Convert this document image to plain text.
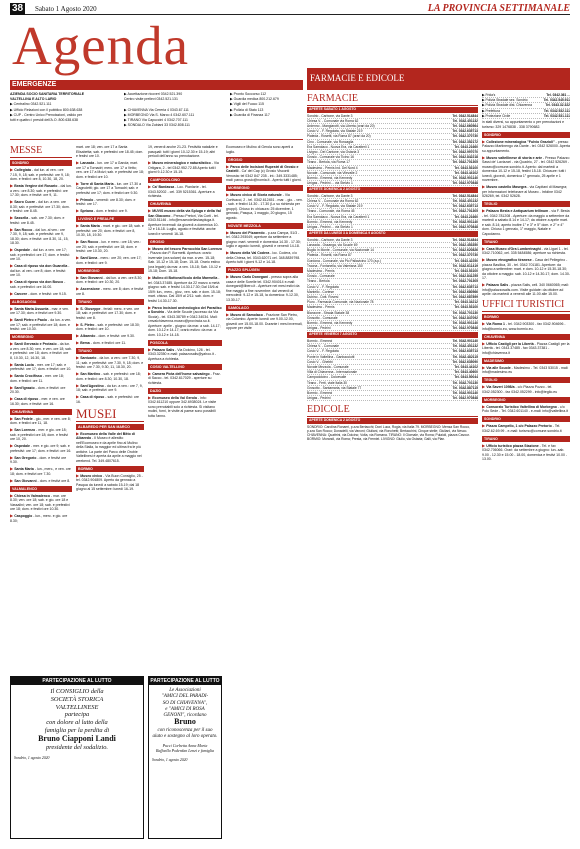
38 Sabato 1 Agosto 2020	LA PROVINCIA SETTIMANALE
Agenda
EMERGENZE
FARMACIE E EDICOLE
AZIENDA SOCIO SANITARIA TERRITORIALE
VALTELLINA E ALTO LARIO
▶ Centralino 0342.521.111
▶ Ufficio Relazioni con il pubblico 800.638.638
▶ CUP - Centro Unico Prenotazioni, valido per
tutti e quattro i presidi dell'A.O. 800.638.638
▶ Accettazione ricoveri 0342.521.390
Centro visite prelievi 0342.521.131

▶ CHIAVENNA Via Cereria 4 0343.67.111
▶ MORBEGNO Via S. Marco 4 0342.607.111
▶ TIRANO Via Capuccini 4 0342.707.111
▶ SONDALO Via Zubiani 33 0342.808.111
▶ Pronto Soccorso 112
▶ Guardia medica 800.212.679
▶ Vigili del Fuoco 115
▶ Polizia di Stato 113
▶ Guardia di Finanza 117
MESSE
SONDRIO
▶ Collegiata - dal lun. al ven.: ore 7.15, 9, 18; sab. e prefestivi: ore 9, 18; dom. e festivi: ore 8, 10.30, 18, 20.
▶ Beata Vergine del Rosario - dal lun. a ven.: ore 8.30; sab. e prefestivi: ore 17.30; dom. e festivi: ore 9, 11.
▶ Sacro Cuore - dal lun. a ven. ore 8.30; sab. e prefestivi: ore 17.30; dom. e festivi: ore 8.45.
▶ Sassella - sab. ore 7.30; dom. e festivi: ore 8.45.
▶ San Rocco - dal lun. al ven.: ore 7.30, 9, 18; sab. e prefestivi: ore 9, 18.30; dom. e festivi: ore 8.30, 11, 15, 18.30.
▶ Ospedale - dal lun. a ven. ore 17; sab. e prefestivi: ore 17; dom. e festivi: ore 10.
▶ Casa di riposo via don Guanella - dal lun. al ven.: ore 8; dom. e festivi: ore 10.
▶ Casa di riposo via don Bosco - sab. e prefestivi: ore 16.00.
▶ Carcere - dom. e festivi: ore 9.15.
ALBOSAGGIA
▶ Santa Maria Assunta - mar. e ven. ore 17.30; dom. e festivi ore 9.30.
▶ Santi Pietro e Paolo - da lun. a ven. ore 17; sab. e prefestivi ore 18; dom. e festivi: ore 10.30.
MORBEGNO
▶ Santi Gervasio e Protasio - da lun. a ven. ore 8.30; ven. e ven. ore 18; sab. e prefestivi: ore 18; dom. e festivi: ore 8, 10.30, 12, 16.30, 18.
▶ Santa Lucia - mer. ore 17; sab. e prefestivi: ore 17; dom. e festivi: ore 10.
▶ Santo Crocifisso - mer. ore 18; dom. e festivi: ore 11.
▶ Sant'Ignazio - dom. e festivi: ore 20.30.
▶ Casa di riposo - mer. e ven. ore 16.30; dom. e festivi: ore 16.
CHIAVENNA
▶ San Fedele - gio., mer. e ven. ore 8; dom. e festivi ore 11, 18.
▶ San Lorenzo - mer. e gio. ore 18; sab. e prefestivi ore 18; dom. e festivi ore 10, 20.
▶ Ospedale - mer. e gio. ore 9; sab. e prefestivi: ore 17; dom. e festivi: ore 16.
▶ San Gregorio - dom. e festivi ore 9.30.
▶ Santa Maria - lun., merc., e ven. ore 18; dom. e festivi ore 7.30.
▶ San Giovanni - dom. e festivi ore 8.
VALMALENCO
▶ Chiesa in Valmalenco - mar. ore 8.30; ven. ore 18; sab. e gio. ore 18 e Vassalini; ven. ore 18; sab. e prefestivi ore 18; dom. e festivi ore 10.30.
▶ Caspoggio - lun., merc. e gio. ore 8.30;
mart. ore 18; ven. ore 17 a Santa Elisabetta; sab. e prefestivi ore 18.45; dom. e festivi ore 10.
▶ Lanzada - lun. ore 17 a Ganda; mart. ore 17 a Tornadri; merc. ore 17 a Vetto; ven. ore 17 a Moizi; sab. e prefestivi ore 18; dom. e festivi ore 10.
▶ Torre di Santa Maria - lun. ore 17.30 a Cagnoletti; gio. ore 17 a Tornadri; sab. e prefestivi ore 17; dom. e festivi ore 9.30.
▶ Primolo - venerdì: ore 8.30; dom. e festivi: ore 17.
▶ Spriana - dom. e festivi: ore 9.
LIVIGNO E PREALPE
▶ Santa Maria - mart. e gio.: ore 18; sab. e prefestivi: ore 20; dom. e festivi: ore 8, 10.30, 18, 19.30.
▶ San Rocco - lun. e merc.: ore 18; ven.: ore 20; sab. e prefestivi: ore 18; dom. e festivi: ore 10.30, 20.
▶ Sant'Anna - merc.: ore 20; ven. ore 17; dom. e festivi: ore 9.
MORBEGNO
▶ San Giovanni - dal lun. a ven. ore 8.30; dom. e festivi: ore 10.30, 20.
▶ Ascensione - merc. ore 8; dom. e festivi ore 8.
TIRANO
▶ S. Giuseppe - feriali: merc. e ven. ore 18; sab. e prefestivi: ore 17.30; dom. e festivi: ore 8.
▶ S. Pietro - sab. e prefestivi: ore 18.30; dom. e festivi: ore 10.
▶ Albaredo - dom. e festivi: ore 9.30.
▶ Bema - dom. e festivi: ore 11.
TIRANO
▶ Santuario - da lun. a ven.: ore 7.30, 9, 11; sab. e prefestivi: ore 7.30, 9, 18; dom. e festivi: ore 7.30, 9.30, 11, 18.30, 20.
▶ San Martino - sab. e prefestivi: ore 18; dom. e festivi: ore 8.30, 10.30, 18.
▶ Sant'Agostino - da lun. a ven.: ore 7, 9, 18; sab. e prefestivi: ore 9.
▶ Casa di riposo - sab. e prefestivi: ore 16.
MUSEI
ALBAREDO PER SAN MARCO
▶ Ecomuseo della Valle del Bitto di Albaredo - Il Museo è allestito nell'Ecomuseo e da aprile fino al Mulino della Stalla, la maggior ed ultima fra le più antiche. La parte del Parco delle Orobie Valtellinesi è aperta da aprile a maggio nei weekend. Tel. 349.4807615.
BORMIO
▶ Museo civico - Via Buon Consiglio, 25 - tel. 0342.904809. Aperto da gennaio a Pasqua da lunedì a sabato 15-19; dal 18 giugno al 15 settembre: lunedì 16-19.
19, venerdì anche 21-23. Festività natalizie e pasquali: tutti i giorni 10-12.30 e 15-19; altri periodi dell'anno su prenotazione.
▶ Museo mineralogico e naturalistico - Via Ortigara, 2 - tel 0342.952.72.85 Aperto tutti i giorni 9-12.30 e 15-19.
CAMPODOLCINO
▶ Ca' Bardassa - Loc. Pianlarìe - tel. 0343.52002 - cel. 339 5215361. Aperture a richiesta.
CHIAVENNA
▶ MUVIS museo della via Spluga e della Val San Giacomo - Presso Pretori, Via Corti - tel. 0343.51146 - info@museodellaviaspluga.it. Aperture invernali: da giovedì a domenica 10-12 e 16-18. Luglio, agosto e festività: anche lunedì e venerdì 16-18.
GROSIO
▶ Museo del tesoro Parrocchia San Lorenzo - Piazza don P. Bormetti. Apertura: orario invernale (ora solare) da mar. a ven. 15-18; Sab. 10-12 e 15-18; Dom. 15-18. Orario estivo (ora legale) da mar. a ven. 15-18; Sab. 10-12 e 15-18; Dom. 15-18.
▶ Mulino di BottonaVicolo della Marmella - tel. 0343.37485. Aperture da 22 marzo a metà giugno: sab. e festivi 14.30-17.30; Dal 15/6 al 15/9: lun., merc., giov., ven. sab. e dom. 15-18; mart. chiuso. Dal 15/9 al 2/11: sab. dom. e festivi 14.30-17.30.
▶ Parco Incisioni archeologico del Paradiso a Sondrio - Via delle Scuole (accesso da Via Siccia) - tel. 0343.38789 e 0342.34034. Mail: cmvalchiavenna.museo@provincia.so.it. Aperture: aprile - giugno: da mar. a sab. 14-17; dom. 10-12 e 14-17; orario estivo: da mar. a dom. 10-12 e 14-18.
POSCOLA
▶ Palazzo Salis - Via Dolcino, 126 - tel. 0343.32350 e-mail: palazzosalis@yahoo.it - Apertura a richiesta.
COSIO VALTELLINO
▶ Camera Picta dell'home salvadego - Fraz. di Sacco - tel. 0342.617029 - aperture su richiesta.
DAZIO
▶ Ecomuseo della Val Gerola - info: 0342.611210 oppure 342.6938024. Le visite sono prenotabili solo a richiesta. Si visitano mulini, forni, le visite al paese sono possibili tutta l'anno.
Ecomuseo e Mulino di Gerola sono aperti a luglio.
GROSIO
▶ Parco delle Incisioni Rupestri di Grosio e Castelli - Ca' del Cap (c) Grosio Visconti Venosta: tel 0342 847 235 - int.: 349.3331485; mail: parco.grosio@nomia.it - Aperto tutti i giorni.
MORBEGNO
▶ Museo civico di Storia naturale - Via Cortivacci, 2 - tel. 0342.612451 - mar. - gio. - ven. - sab. e festivi 14.30 - 17.30 (Lo su richiesta per gruppi). Chiuso in: chiusura: 25 dicembre, 1 gennaio, Pasqua, 1 maggio, 20 giugno, 15 agosto.
NOVATE MEZZOLA
▶ Museo del Pizzaredo - p.zza Campa, 51/3 - tel. 0342.293049; aperture da settembre a giugno: mart. venerdì e domenica 14.30 - 17.30; luglio e agosto: lunedì, giovedì e venerdì 14-18.
▶ Museo della Val Codera - loc. Codera, c/o della Chiesa, tel. 0343.62071 cel. 348.8839798. Aperto tutti i giorni 9-12 e 14-18.
PIAZZO SPLÜGEN
▶ Museo Carlo Donegani - presso sopra alla casa e delle Sorelle tel. 0342.904014 e-mail: donegani@libero.it - Aperture nei mesi estivi da fine maggio a fine novembre: dal venerdì al mercoledì: 9-12 e 15-18, la domenica: 9-12.30, 13.30-17.
SAMOLACO
▶ Museo di Samolaco - Frazione San Pietro, via Colombo. Aperte: lunedì ore 9.00-12.00, giovedì ore 15.00-18.00. Durante i mesi invernali, oppure per visite
FARMACIE
APERTE SABATO 1 AGOSTO
Sondrio - Carbone, via Dante 3	Tel. 0342.514844
Chiesa V. - Comunale via Roma 62	Tel. 0342.451132
Ardenno - Mangiarotti, via Liberta (orari da 20)	Tel. 0342.660564
Cosio V. - F. Regolata, via Statale 219	Tel. 0342.635713
Piateda - Rosetti, via Roma 87 (orari da 20)	Tel. 0342.370730
Cino - Comunale, via Roncaglia	Tel. 0342.352172
Era Samolaco - Nuova Era, via Caratterii 1	Tel. 0343.21660
Livigno - Del Cantone, via Ostaria 3	Tel. 0342.997070
Grosio - Comunale via Ticino 16	Tel. 0342.842218
Tirano - Bertola, via Roma 17	Tel. 0342.701305
Madesimo - Pernis Ind. Del Nord 4	Tel. 0343.53100
Novate - Comunale, via Vilevalle 2	Tel. 0343.44102
Bormio - Emmeci, via Kennedy	Tel. 0342.901140
Unigas - Pedrini ... via Stelvio 1	Tel. 0342.970848
APERTE DOMENICA 2 AGOSTO
Sondrio - Carbone, via Dante 3	Tel. 0342.514844
Chiesa V. - Comunale via Roma 62	Tel. 0342.451132
Cosio V. - F. Regolata, via Statale 219	Tel. 0342.635713
Tirano - Comunale, via Roma 45	Tel. 0342.701305
Era Samolaco - Nuova Era, via Caratterii 1	Tel. 0343.21660
Bormio - Emmeci, via Kennedy	Tel. 0342.901140
Unigas - Pedrini ... via Stelvio 1	Tel. 0342.970848
APERTE DA LUNEDÌ 3 A DOMENICA 9 AGOSTO
Sondrio - Carbone, via Dante 3	Tel. 0342.514844
Lanzada - Ossanga, via Scuole 69	Tel. 0342.453350
Buglio in Monte - Comunale, via Nazionale 14	Tel. 0342.620826
Piateda - Rosetti, via Roma 87	Tel. 0342.370730
Gordona - Comunale, via Pio Pallavicino 170 (a.p.)	Tel. 0343.42250
Traona - Fontanella, via Valeriana 150	Tel. 0342.611419
Madesimo - Pernis	Tel. 0343.53100
Grosio - Comunale	Tel. 0342.841255
Tirano - Bertola	Tel. 0342.701305
Cosio V. - F. Regolata	Tel. 0342.635713
Mantello - Cortese	Tel. 0342.680566
Dubino - Dott. Rovesi	Tel. 0342.687899
Piuro - Farmacia Comunale, via Nazionale 78	Tel. 0343.34212
Madesimo - Pernis	Tel. 0343.53100
Bianzone - Strada Statale 38	Tel. 0342.701130
Grosotto - Comunale	Tel. 0342.847092
Bormio - Emmeci, via Kennedy	Tel. 0342.901140
Unigas - Pedrini	Tel. 0342.970848
APERTE VENERDÌ 7 AGOSTO
Bormio - Emmeci	Tel. 0342.901140
Chiesa V. - Comunale	Tel. 0342.451132
Cosio V. - F. Regolata	Tel. 0342.635713
Ponte in Valtellina - Ganbacciutti	Tel. 0342.482115
Cosio V. - Ghebbi	Tel. 0342.635090
Novate Mezzola - Comunale	Tel. 0343.44102
Villa di Chiavenna - Internazionale	Tel. 0343.40600
Campodolcino - Dolcevalle	Tel. 0343.50044
Tirano - Fertì, viale Italia 30	Tel. 0342.701130
Grosotto - Santamaria, via Statale 77	Tel. 0342.887115
Bormio - Emmeci	Tel. 0342.901140
Unigas - Pedrini	Tel. 0342.970848
EDICOLE
APERTE DOMENICA 2 AGOSTO
SONDRIO: Carolina Ronaeri, p.zza Bertacchi; Doni Luca, Rogia, via Italia 79. MORBEGNO: Mensa San Rocco, p.zza San Rocco; Donadelli, via Vanoni; Giuliani, via Ronchetti; Bertacchini, Cinque stelle; Giuliani, via Nesco. CHIAVENNA: Quattrini, via Dolcino; Volta, via Romana. TIRANO: Il Giornale, via Roma; Pulaioli, piazza Cavour. BORMIO: Morandi, via Roma; Presta, via Fremiel. LIVIGNO: Giulio, via Ostaria; Galli, via Plan.
▶ Frida's	Tel. 0342.361 ...
▶ Polizia Stradale sez. Sondrio	Tel. 0342.545.911
▶ Polizia Stradale dist. Chiavenna	Tel. 0343.32.322
▶ Prefettura	Tel. 0342.532.111
▶ Protezione Civile	Tel. 0342.531.111
in stati diversi, su appuntamento o per prenotazioni e turismo: 329 1476838 - 338 3790682.
SONDRIO
▶ Collezione mineralogica "Fulvio Grazioli" - presso Palazzo Martinengo via Dante - tel. 0342 526000. Aperta su appuntamento.
▶ Museo valtellinese di storia e arte - Presso Palazzo Sassi de' Lavizzari - via Quadrio, 27 - tel. 0342 526269 - museo@comune.sondrio.it. Aperto: dal martedì a domenica 10-12 e 15-18, festivi 15-18. Chiusure: tutti i lunedì, giovedì, domenica 1° gennaio, 25 aprile e 1 novembre.
▶ Museo castello Masegra - via Capitani di Masegra; per informazioni telefonare al Museo - Infoline 0342 526269, tel. 0342 52628.
TEGLIO
▶ Palazzo Besta e Antiquarium tellinum - via F. Besta - tel. 0342.781208 - Aperture: da maggio a settembre da martedì a sabato 8.14 e 14-17; da ottobre a aprile mart. e sab. 8.14; aperto inoltre 1° e 3° e 5° dom. e 2° e 4° dom. Chiuso 1 gennaio, 1° maggio, Natale e Capodanno.
TIRANO
▶ Casa Museo d'Ora Lumberinaghi - via Ligari 1 - tel. 0342.710062, cel. 335 5484586; aperture su richiesta.
▶ Museo etnografico tiranese - Casa del Pellegrino - piazza Basilica, 30 - tel. 0342.701181. Aperture: da giugno a settembre: mart. e dom. 10-12 e 15.30-18.30; da ottobre a maggio: sab. 10-12 e 14.30-17; dom. 14.30-17.
▶ Palazzo Salis - piazza Salis, cell. 340 0660065; mail: info@palazzosalis.com. Visite guidate: da ottobre ad aprile: da martedì a venerdì alle 11.00 alle 15.00.
UFFICI TURISTICI
BORMIO
▶ Via Roma 1 - tel. 0342.903300 - fax 0342.904696 - info@bormio.eu, www.bormio.eu.
CHIAVENNA
▶ Ufficio Castigli per la Libertà - Piazza Castigli per la Libertà - tel. 0343.37485 - fax 0343.37381 - info@chiavenna.it
MADESIMO
▶ Via alle Scuole - Madesimo - Tel. 0343 53015 - mail: info@madesimo.eu
TEGLIO
▶ Via Saveri 1098/a - c/o Piazza Pozzo - tel. 0342.052300 - fax 0342.052299 - info@teglio.eu
MORBEGNO
▶ Consorzio Turistico Valtellina di Morbegno - c/o Polo Sede - Tel. 0342.601140 - e-mail: info@valtellina.it
SONDRIO
▶ Piazza Campello, 1 c/o Palazzo Pretorio - Tel. 0342.62.69.99 - e-mail: turismo@comune.sondrio.it
TIRANO
▶ Ufficio turistico piazza Stazione - Tel. e fax 0342.706066. Orari: da settembre a giugno: lun.-sab. 9.00 - 12.30 e 15.00 - 18.00, domenica e festivi 10.00 - 13.00.
PARTECIPAZIONE AL LUTTO
Il CONSIGLIO della
SOCIETÀ STORICA
VALTELLINESE
partecipa
con dolore al lutto della
famiglia per la perdita di
Bruno Ciapponi Landi
presidente del sodalizio.
Sondrio, 1 agosto 2020
PARTECIPAZIONE AL LUTTO
Le Associazioni
"AMICI DEL PARADI-
SO DI CHIAVENNA",
e "AMICI DI ROSA
GENONI", ricordano
Bruno
con riconoscenza per il suo aiuto e sostegno al loro operato.
Pucci Corbetta Anna Maria
Raffaella Poderdan Lenzi e famiglia
Sondrio, 1 agosto 2020
